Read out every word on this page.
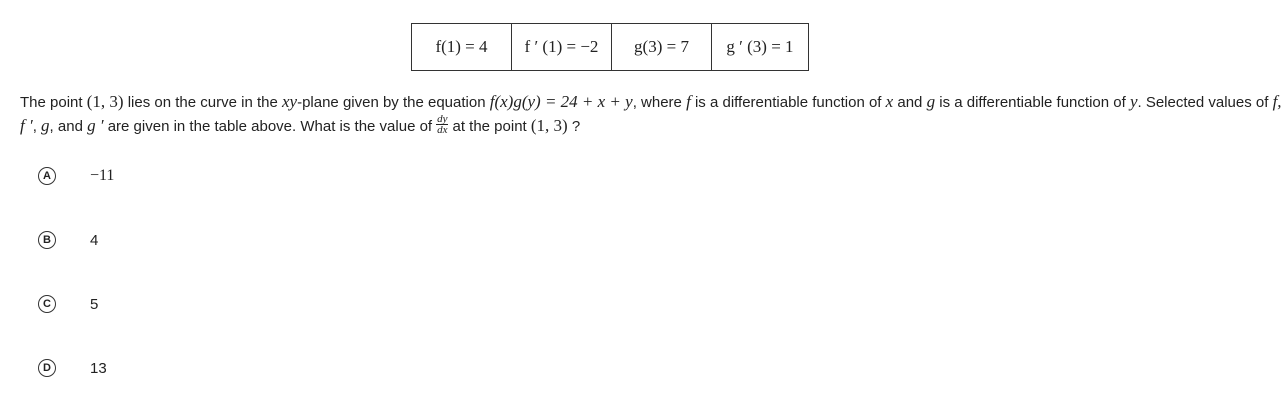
f(1) = 4	f ′ (1) = −2	g(3) = 7	g ′ (3) = 1
The point (1, 3) lies on the curve in the xy-plane given by the equation f(x)g(y) = 24 + x + y, where f is a differentiable function of x and g is a differentiable function of y. Selected values of f,
f ′, g, and g ′ are given in the table above. What is the value of $\frac{dy}{dx}$ at the point (1, 3) ?
A	−11
B	4
C	5
D	13
